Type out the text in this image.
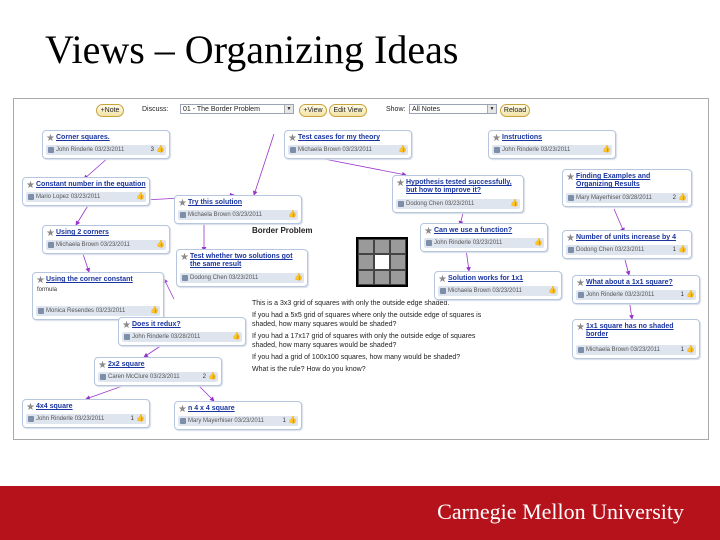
Views – Organizing Ideas
+Note	Discuss:	01 - The Border Problem	▼	+View	Edit View	Show: All Notes	▼	Reload
Border Problem
This is a 3x3 grid of squares with only the outside edge shaded.
If you had a 5x5 grid of squares where only the outside edge of squares is shaded, how many squares would be shaded?
If you had a 17x17 grid of squares with only the outside edge of squares shaded, how many squares would be shaded?
If you had a grid of 100x100 squares, how many would be shaded?
What is the rule? How do you know?
★ Corner squares.
John Rinderle 03/23/2011	3 👍
★ Test cases for my theory
Michaela Brown 03/23/2011	👍
★ Instructions
John Rinderle 03/23/2011	👍
★ Constant number in the equation
Mario Lopez 03/23/2011	👍
★ Try this solution
Michaela Brown 03/23/2011	👍
★ Hypothesis tested successfully, but how to improve it?
Dodong Chen 03/23/2011	👍
★ Finding Examples and Organizing Results
Mary Mayerhiser 03/28/2011	2 👍
★ Using 2 corners
Michaela Brown 03/23/2011	👍
★ Test whether two solutions got the same result
Dodong Chen 03/23/2011	👍
★ Can we use a function?
John Rinderle 03/23/2011	👍 ★ Number of units increase by 4
Dodong Chen 03/23/2011	1 👍
★ Using the corner constant
formula
Monica Resendes 03/23/2011	👍
★ Solution works for 1x1
Michaela Brown 03/23/2011	👍
★ What about a 1x1 square?
John Rinderle 03/23/2011	1 👍
★ Does it redux?
John Rinderle 03/28/2011	👍
★ 1x1 square has no shaded border
Michaela Brown 03/23/2011	1 👍
★ 2x2 square
Caren McClure 03/23/2011	2 👍
★ 4x4 square
John Rinderle 03/23/2011	1 👍
★ n 4 x 4 square
Mary Mayerhiser 03/23/2011	1 👍
Carnegie Mellon University
